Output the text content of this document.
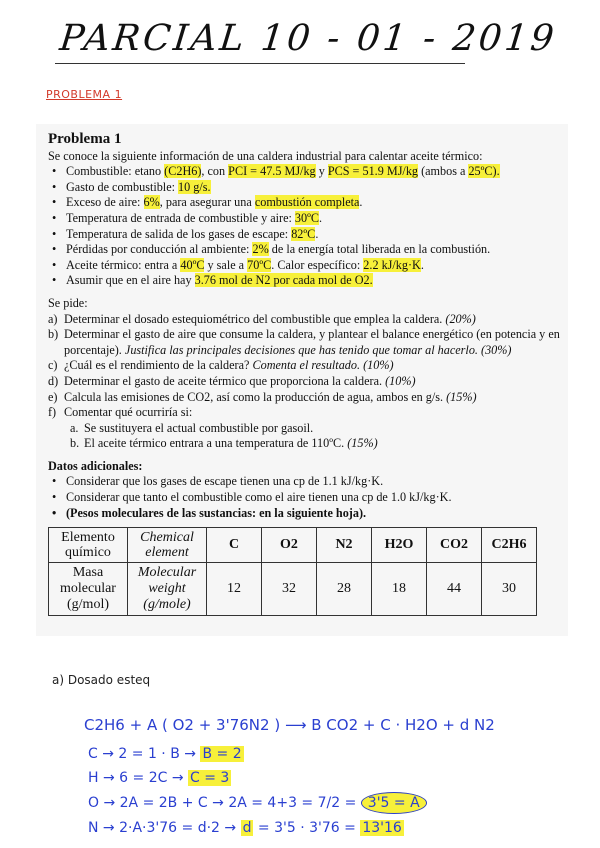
PARCIAL 10 - 01 - 2019
PROBLEMA 1
Problema 1

Se conoce la siguiente información de una caldera industrial para calentar aceite térmico:

• Combustible: etano (C2H6), con PCI = 47.5 MJ/kg y PCS = 51.9 MJ/kg (ambos a 25ºC).
• Gasto de combustible: 10 g/s.
• Exceso de aire: 6%, para asegurar una combustión completa.
• Temperatura de entrada de combustible y aire: 30ºC.
• Temperatura de salida de los gases de escape: 82ºC.
• Pérdidas por conducción al ambiente: 2% de la energía total liberada en la combustión.
• Aceite térmico: entra a 40ºC y sale a 70ºC. Calor específico: 2.2 kJ/kg·K.
• Asumir que en el aire hay 3.76 mol de N2 por cada mol de O2.

Se pide:

a) Determinar el dosado estequiométrico del combustible que emplea la caldera. (20%)
b) Determinar el gasto de aire que consume la caldera, y plantear el balance energético (en potencia y en porcentaje). Justifica las principales decisiones que has tenido que tomar al hacerlo. (30%)
c) ¿Cuál es el rendimiento de la caldera? Comenta el resultado. (10%)
d) Determinar el gasto de aceite térmico que proporciona la caldera. (10%)
e) Calcula las emisiones de CO2, así como la producción de agua, ambos en g/s. (15%)
f) Comentar qué ocurriría si:
a. Se sustituyera el actual combustible por gasoil.
b. El aceite térmico entrara a una temperatura de 110ºC. (15%)

Datos adicionales:

• Considerar que los gases de escape tienen una cp de 1.1 kJ/kg·K.
• Considerar que tanto el combustible como el aire tienen una cp de 1.0 kJ/kg·K.
• (Pesos moleculares de las sustancias: en la siguiente hoja).
Elemento químico	Chemical element	C	O2	N2	H2O	CO2	C2H6
Masa molecular (g/mol)	Molecular weight (g/mole)	12	32	28	18	44	30
a) Dosado esteq
C2H6 + A ( O2 + 3'76N2 ) ⟶ B CO2 + C · H2O + d N2
C → 2 = 1 · B → B = 2
H → 6 = 2C → C = 3
O → 2A = 2B + C → 2A = 4+3 = 7/2 = 3'5 = A
N → 2·A·3'76 = d·2 → d = 3'5 · 3'76 = 13'16
